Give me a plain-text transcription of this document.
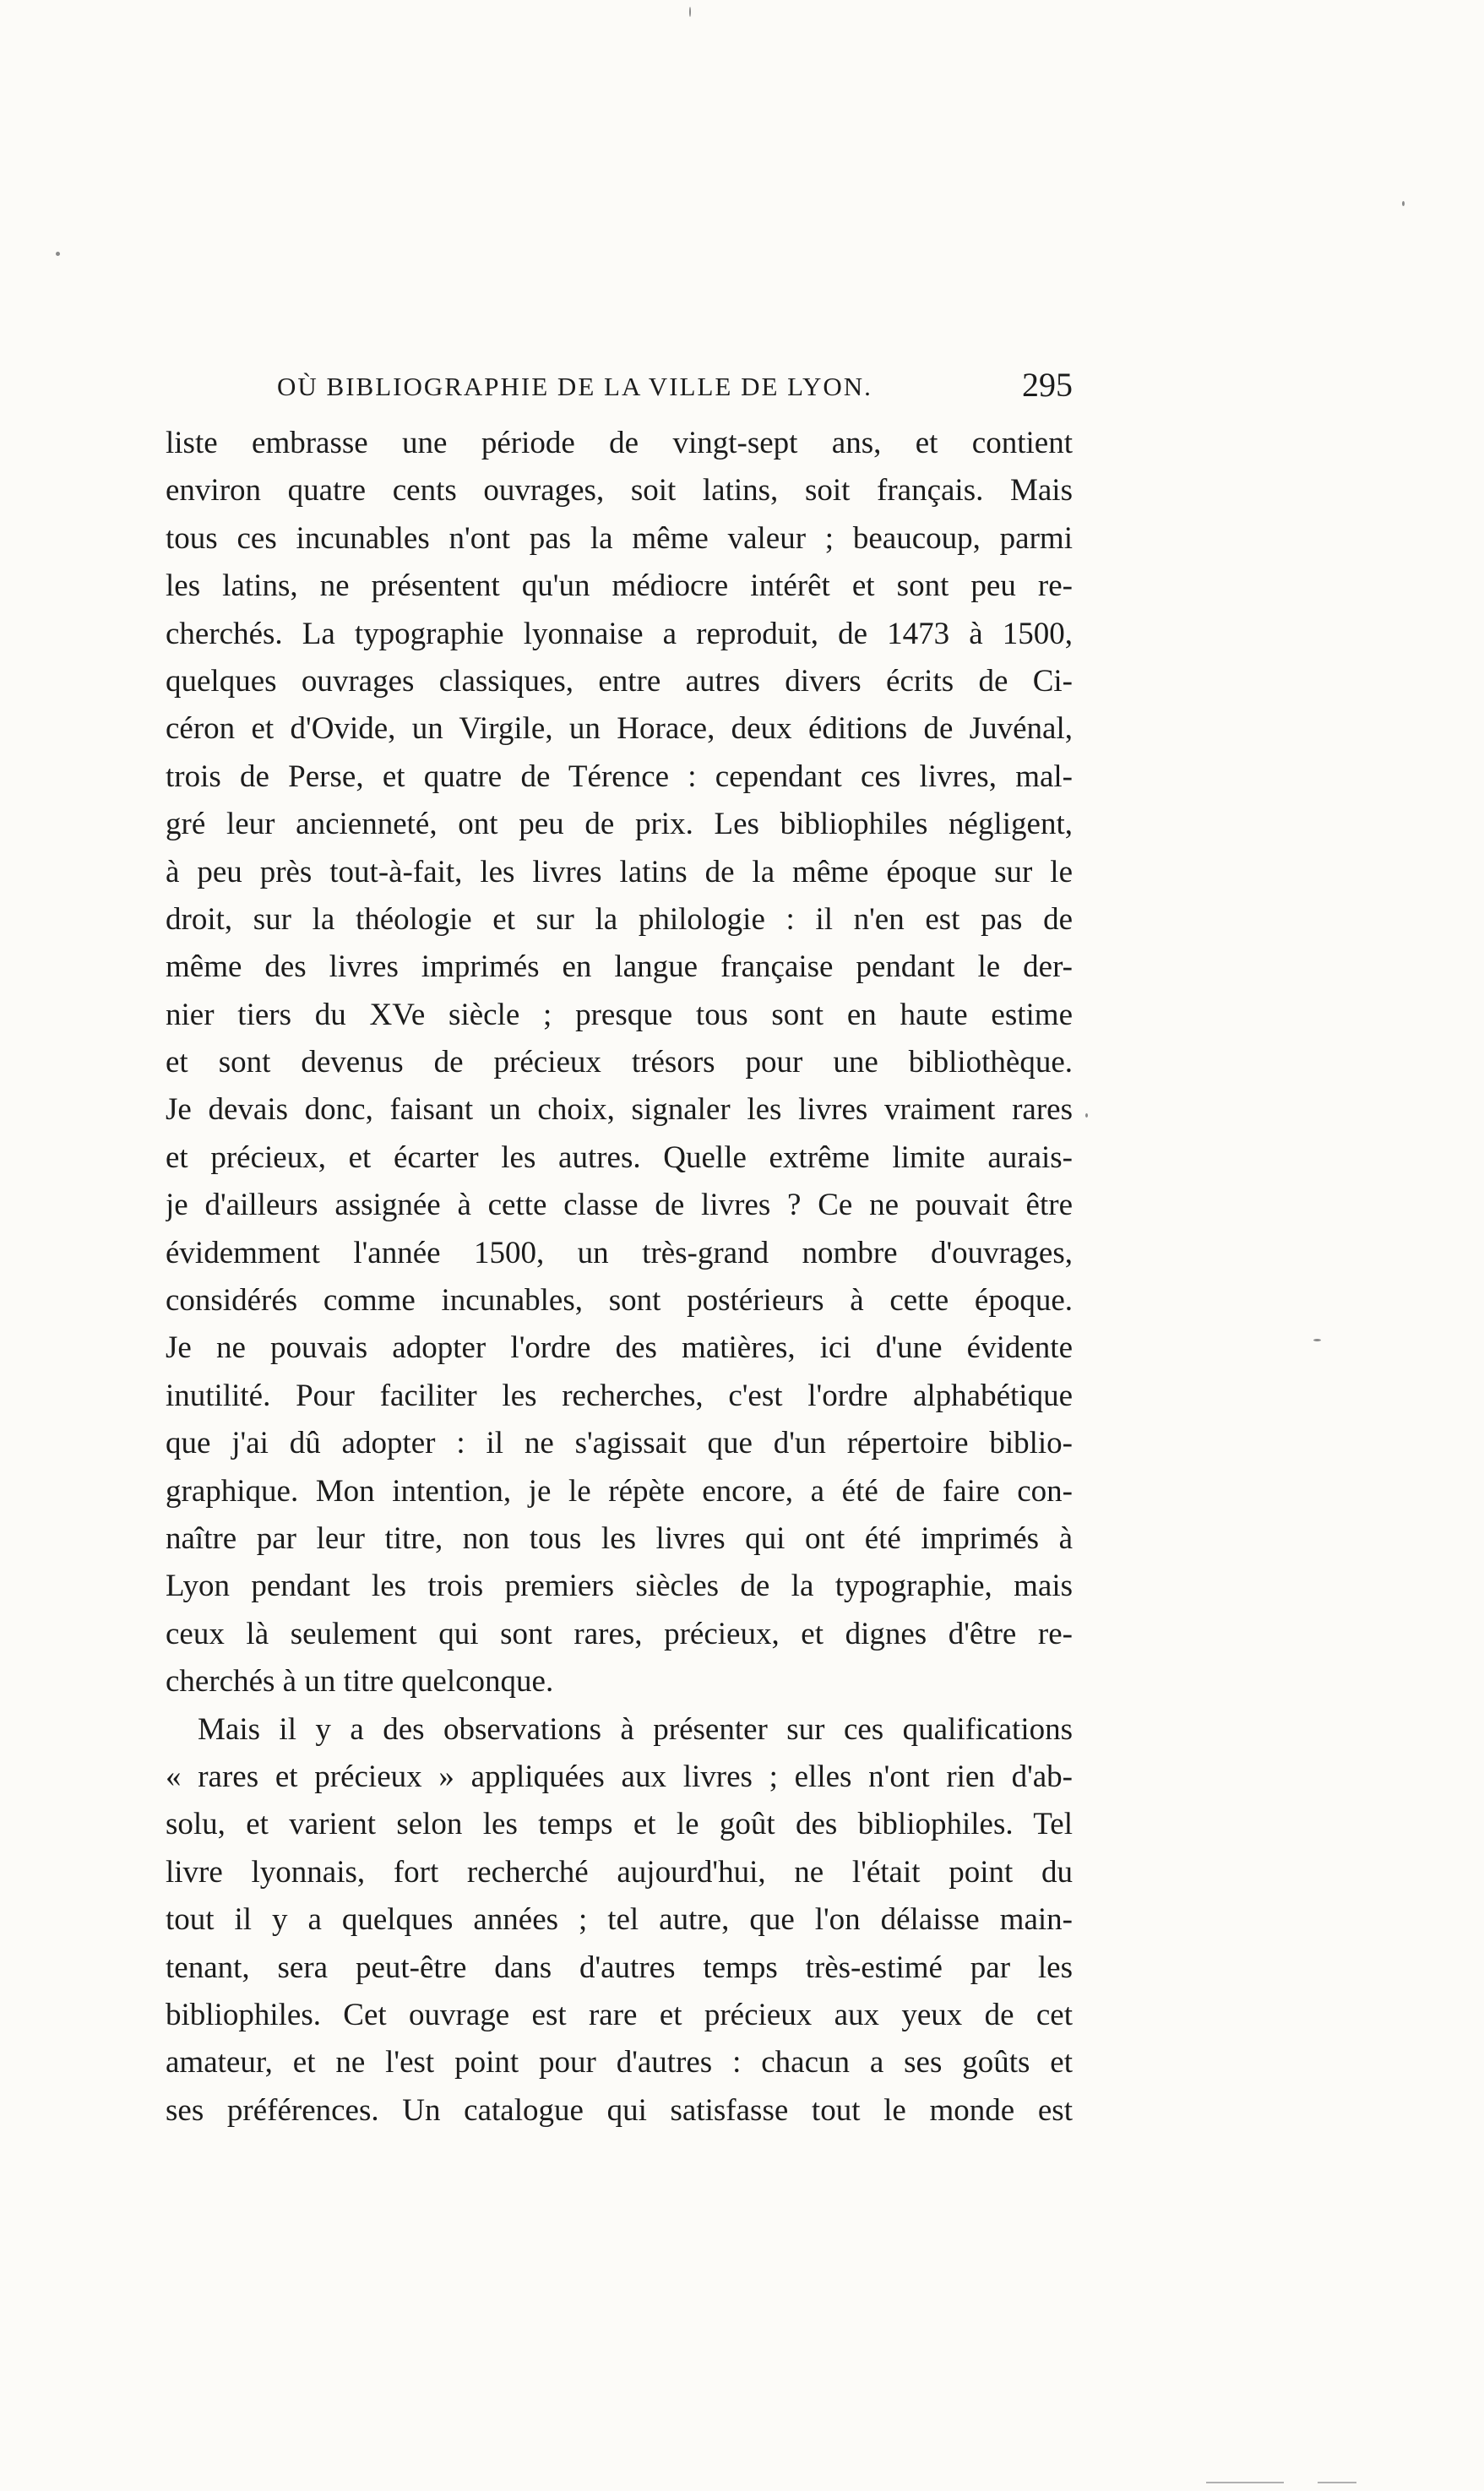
OÙ BIBLIOGRAPHIE DE LA VILLE DE LYON.	295
liste embrasse une période de vingt-sept ans, et contient
environ quatre cents ouvrages, soit latins, soit français. Mais
tous ces incunables n'ont pas la même valeur ; beaucoup, parmi
les latins, ne présentent qu'un médiocre intérêt et sont peu re-
cherchés. La typographie lyonnaise a reproduit, de 1473 à 1500,
quelques ouvrages classiques, entre autres divers écrits de Ci-
céron et d'Ovide, un Virgile, un Horace, deux éditions de Juvénal,
trois de Perse, et quatre de Térence : cependant ces livres, mal-
gré leur ancienneté, ont peu de prix. Les bibliophiles négligent,
à peu près tout-à-fait, les livres latins de la même époque sur le
droit, sur la théologie et sur la philologie : il n'en est pas de
même des livres imprimés en langue française pendant le der-
nier tiers du XVe siècle ; presque tous sont en haute estime
et sont devenus de précieux trésors pour une bibliothèque.
Je devais donc, faisant un choix, signaler les livres vraiment rares
et précieux, et écarter les autres. Quelle extrême limite aurais-
je d'ailleurs assignée à cette classe de livres ? Ce ne pouvait être
évidemment l'année 1500, un très-grand nombre d'ouvrages,
considérés comme incunables, sont postérieurs à cette époque.
Je ne pouvais adopter l'ordre des matières, ici d'une évidente
inutilité. Pour faciliter les recherches, c'est l'ordre alphabétique
que j'ai dû adopter : il ne s'agissait que d'un répertoire biblio-
graphique. Mon intention, je le répète encore, a été de faire con-
naître par leur titre, non tous les livres qui ont été imprimés à
Lyon pendant les trois premiers siècles de la typographie, mais
ceux là seulement qui sont rares, précieux, et dignes d'être re-
cherchés à un titre quelconque.
Mais il y a des observations à présenter sur ces qualifications
« rares et précieux » appliquées aux livres ; elles n'ont rien d'ab-
solu, et varient selon les temps et le goût des bibliophiles. Tel
livre lyonnais, fort recherché aujourd'hui, ne l'était point du
tout il y a quelques années ; tel autre, que l'on délaisse main-
tenant, sera peut-être dans d'autres temps très-estimé par les
bibliophiles. Cet ouvrage est rare et précieux aux yeux de cet
amateur, et ne l'est point pour d'autres : chacun a ses goûts et
ses préférences. Un catalogue qui satisfasse tout le monde est
